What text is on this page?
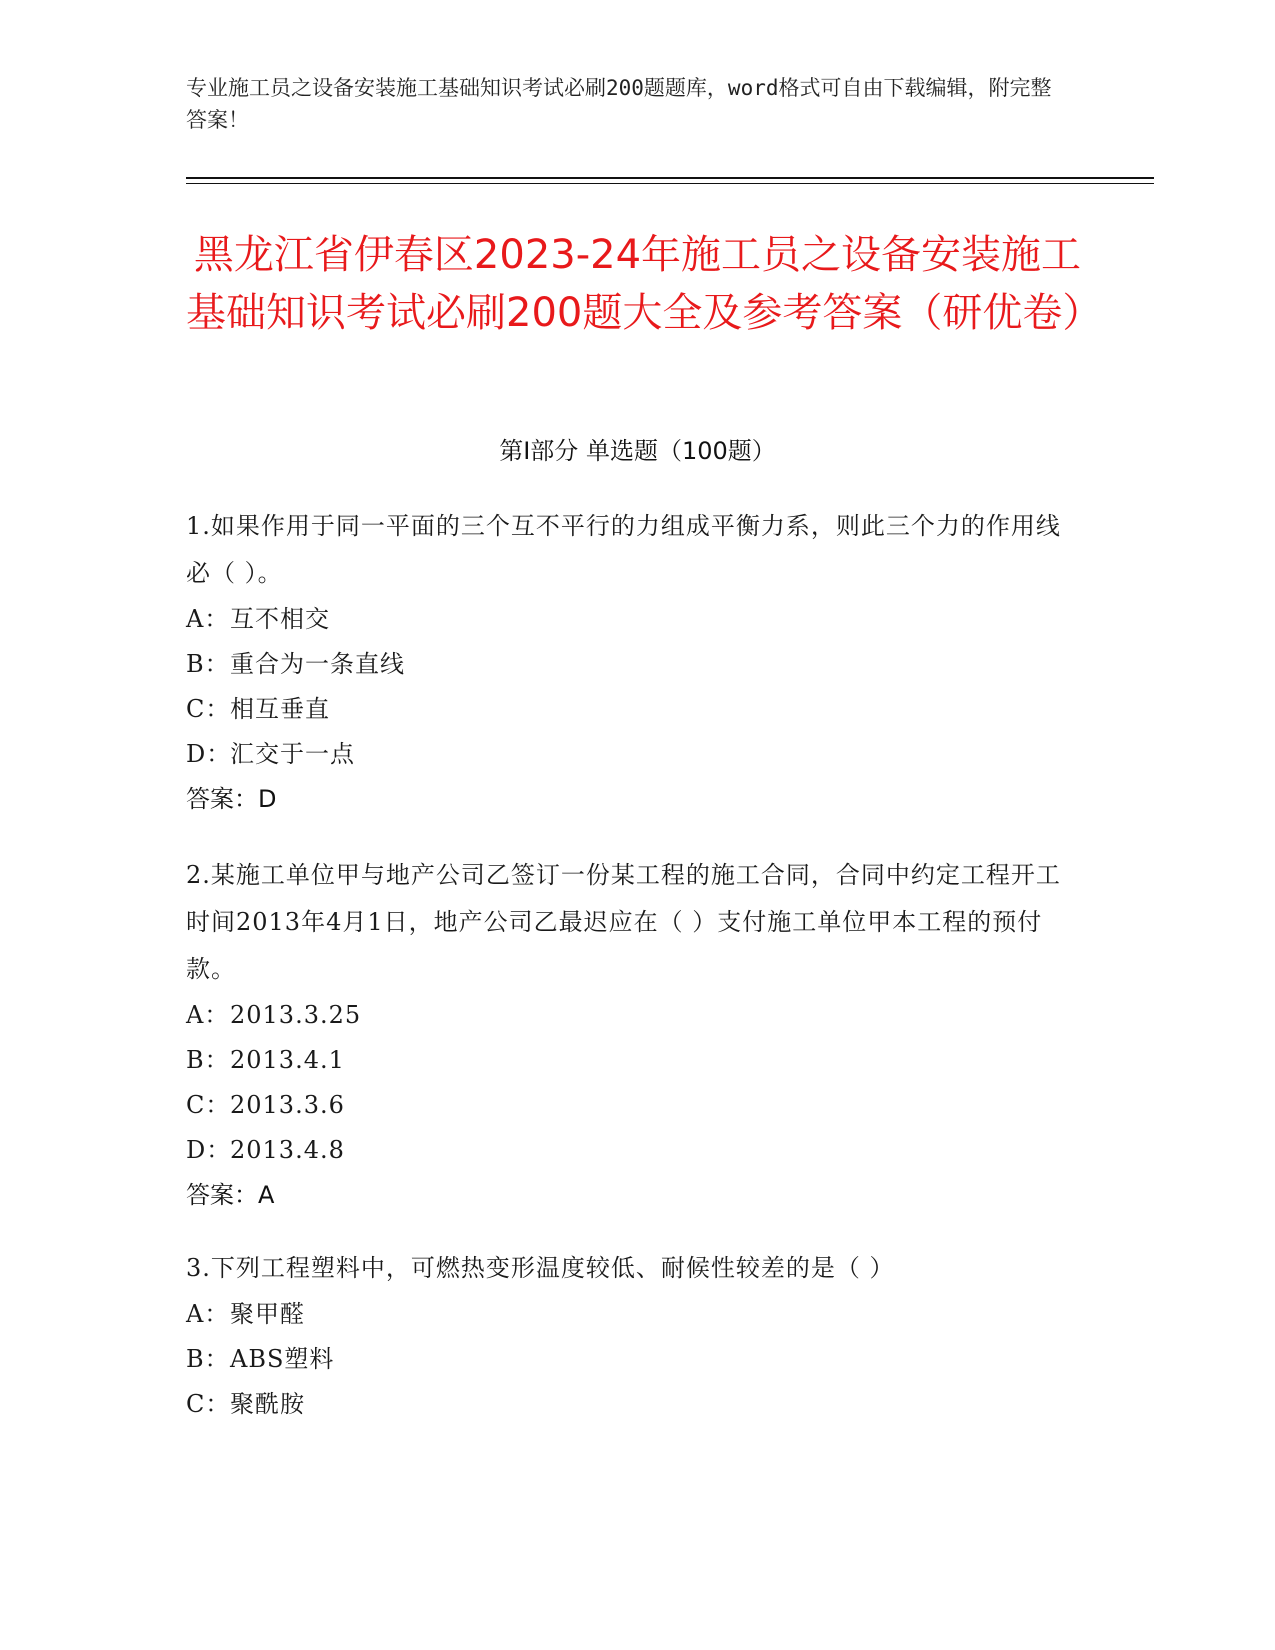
专业施工员之设备安装施工基础知识考试必刷200题题库，word格式可自由下载编辑，附完整答案！
黑龙江省伊春区2023-24年施工员之设备安装施工基础知识考试必刷200题大全及参考答案（研优卷）
第I部分 单选题（100题）

1.如果作用于同一平面的三个互不平行的力组成平衡力系，则此三个力的作用线必（ ）。

A：互不相交

B：重合为一条直线

C：相互垂直

D：汇交于一点

答案：D

2.某施工单位甲与地产公司乙签订一份某工程的施工合同，合同中约定工程开工时间2013年4月1日，地产公司乙最迟应在（ ）支付施工单位甲本工程的预付款。

A：2013.3.25

B：2013.4.1

C：2013.3.6

D：2013.4.8

答案：A

3.下列工程塑料中，可燃热变形温度较低、耐候性较差的是（ ）

A：聚甲醛

B：ABS塑料

C：聚酰胺
